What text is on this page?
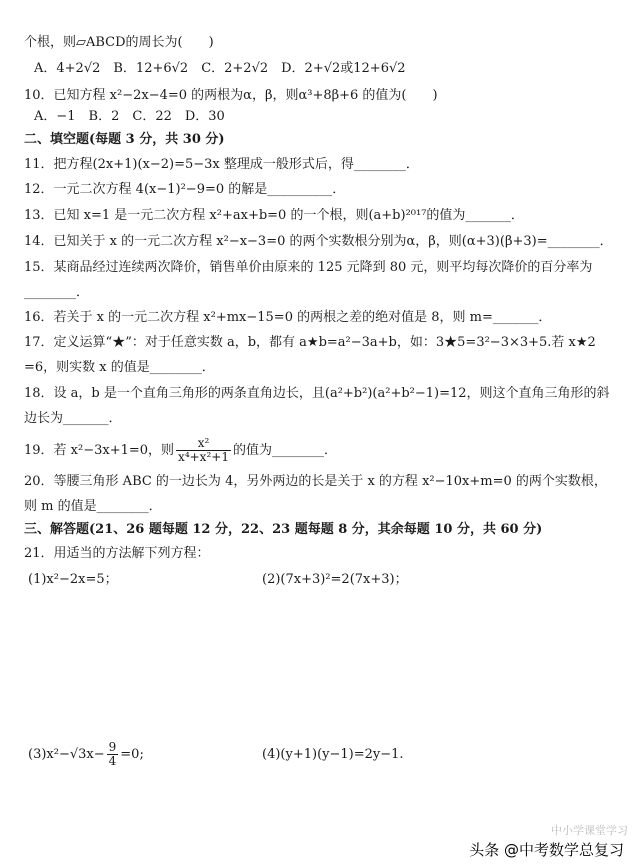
个根，则▱ABCD的周长为(　　)
A．4+2√2　B．12+6√2　C．2+2√2　D．2+√2或12+6√2
10．已知方程 x²−2x−4=0 的两根为α，β，则α³+8β+6 的值为(　　)
A．−1　B．2　C．22　D．30
二、填空题(每题 3 分，共 30 分)
11．把方程(2x+1)(x−2)=5−3x 整理成一般形式后，得________．
12．一元二次方程 4(x−1)²−9=0 的解是__________．
13．已知 x=1 是一元二次方程 x²+ax+b=0 的一个根，则(a+b)²⁰¹⁷的值为_______．
14．已知关于 x 的一元二次方程 x²−x−3=0 的两个实数根分别为α，β，则(α+3)(β+3)=________．
15．某商品经过连续两次降价，销售单价由原来的 125 元降到 80 元，则平均每次降价的百分率为
________．
16．若关于 x 的一元二次方程 x²+mx−15=0 的两根之差的绝对值是 8，则 m=_______．
17．定义运算“★”：对于任意实数 a，b，都有 a★b=a²−3a+b，如：3★5=3²−3×3+5.若 x★2
=6，则实数 x 的值是________．
18．设 a，b 是一个直角三角形的两条直角边长，且(a²+b²)(a²+b²−1)=12，则这个直角三角形的斜
边长为_______．
19．若 x²−3x+1=0，则 $\frac{\text{x²}}{\text{x⁴+x²+1}}$ 的值为________．
20．等腰三角形 ABC 的一边长为 4，另外两边的长是关于 x 的方程 x²−10x+m=0 的两个实数根，
则 m 的值是________．
三、解答题(21、26 题每题 12 分，22、23 题每题 8 分，其余每题 10 分，共 60 分)
21．用适当的方法解下列方程：
(1)x²−2x=5；	(2)(7x+3)²=2(7x+3)；
$(3)x^2-√3x- \frac{9}{4} =0$;	(4)(y+1)(y−1)=2y−1.
中小学课堂学习
头条 @中考数学总复习
